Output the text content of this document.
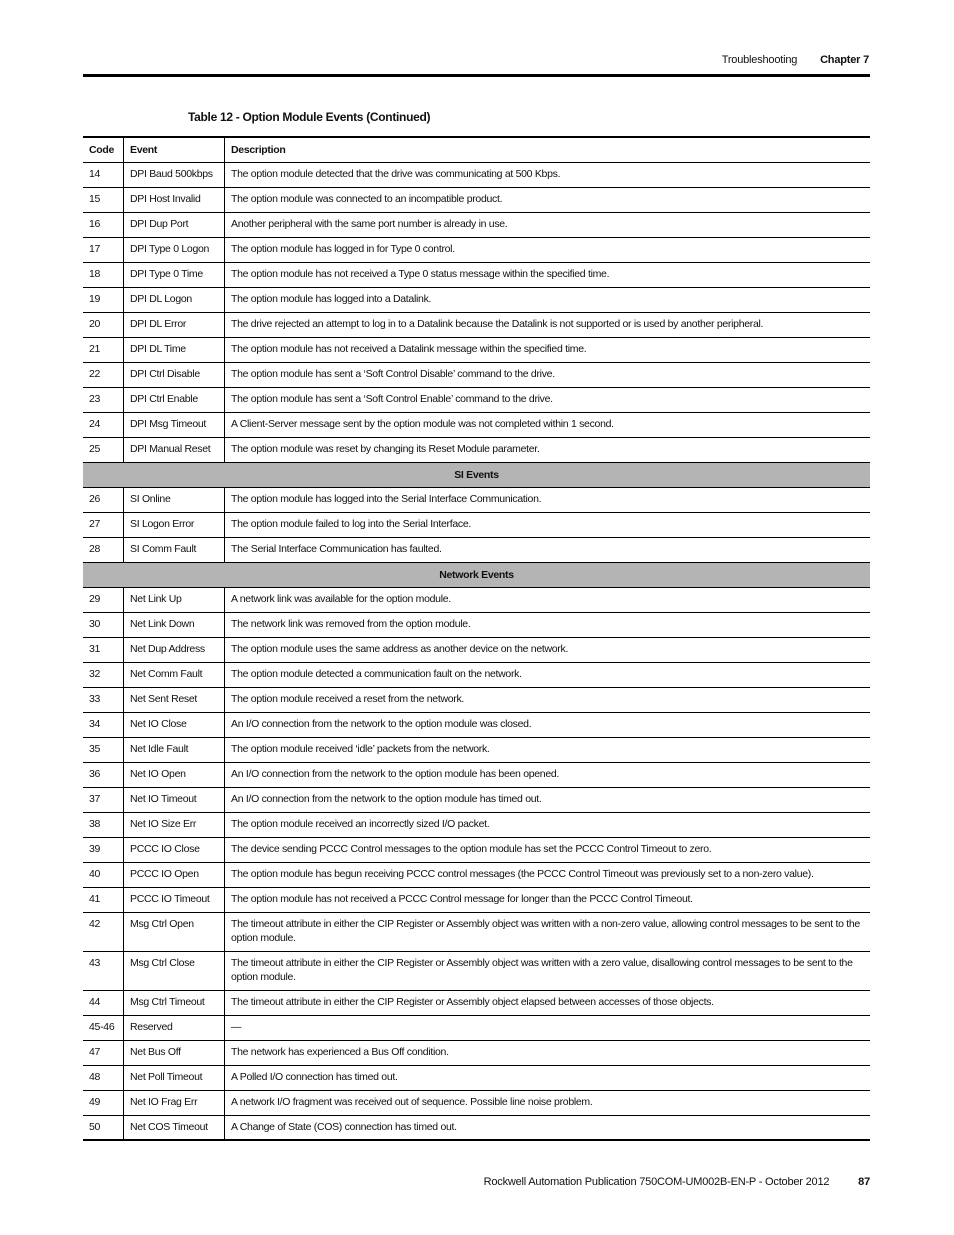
Troubleshooting Chapter 7
Table 12 - Option Module Events (Continued)
Code	Event	Description
14	DPI Baud 500kbps	The option module detected that the drive was communicating at 500 Kbps.
15	DPI Host Invalid	The option module was connected to an incompatible product.
16	DPI Dup Port	Another peripheral with the same port number is already in use.
17	DPI Type 0 Logon	The option module has logged in for Type 0 control.
18	DPI Type 0 Time	The option module has not received a Type 0 status message within the specified time.
19	DPI DL Logon	The option module has logged into a Datalink.
20	DPI DL Error	The drive rejected an attempt to log in to a Datalink because the Datalink is not supported or is used by another peripheral.
21	DPI DL Time	The option module has not received a Datalink message within the specified time.
22	DPI Ctrl Disable	The option module has sent a ‘Soft Control Disable’ command to the drive.
23	DPI Ctrl Enable	The option module has sent a ‘Soft Control Enable’ command to the drive.
24	DPI Msg Timeout	A Client-Server message sent by the option module was not completed within 1 second.
25	DPI Manual Reset	The option module was reset by changing its Reset Module parameter.
SI Events		
26	SI Online	The option module has logged into the Serial Interface Communication.
27	SI Logon Error	The option module failed to log into the Serial Interface.
28	SI Comm Fault	The Serial Interface Communication has faulted.
Network Events		
29	Net Link Up	A network link was available for the option module.
30	Net Link Down	The network link was removed from the option module.
31	Net Dup Address	The option module uses the same address as another device on the network.
32	Net Comm Fault	The option module detected a communication fault on the network.
33	Net Sent Reset	The option module received a reset from the network.
34	Net IO Close	An I/O connection from the network to the option module was closed.
35	Net Idle Fault	The option module received ‘idle’ packets from the network.
36	Net IO Open	An I/O connection from the network to the option module has been opened.
37	Net IO Timeout	An I/O connection from the network to the option module has timed out.
38	Net IO Size Err	The option module received an incorrectly sized I/O packet.
39	PCCC IO Close	The device sending PCCC Control messages to the option module has set the PCCC Control Timeout to zero.
40	PCCC IO Open	The option module has begun receiving PCCC control messages (the PCCC Control Timeout was previously set to a non-zero value).
41	PCCC IO Timeout	The option module has not received a PCCC Control message for longer than the PCCC Control Timeout.
42	Msg Ctrl Open	The timeout attribute in either the CIP Register or Assembly object was written with a non-zero value, allowing control messages to be sent to the option module.
43	Msg Ctrl Close	The timeout attribute in either the CIP Register or Assembly object was written with a zero value, disallowing control messages to be sent to the option module.
44	Msg Ctrl Timeout	The timeout attribute in either the CIP Register or Assembly object elapsed between accesses of those objects.
45-46	Reserved	—
47	Net Bus Off	The network has experienced a Bus Off condition.
48	Net Poll Timeout	A Polled I/O connection has timed out.
49	Net IO Frag Err	A network I/O fragment was received out of sequence. Possible line noise problem.
50	Net COS Timeout	A Change of State (COS) connection has timed out.
Rockwell Automation Publication 750COM-UM002B-EN-P - October 2012	87
